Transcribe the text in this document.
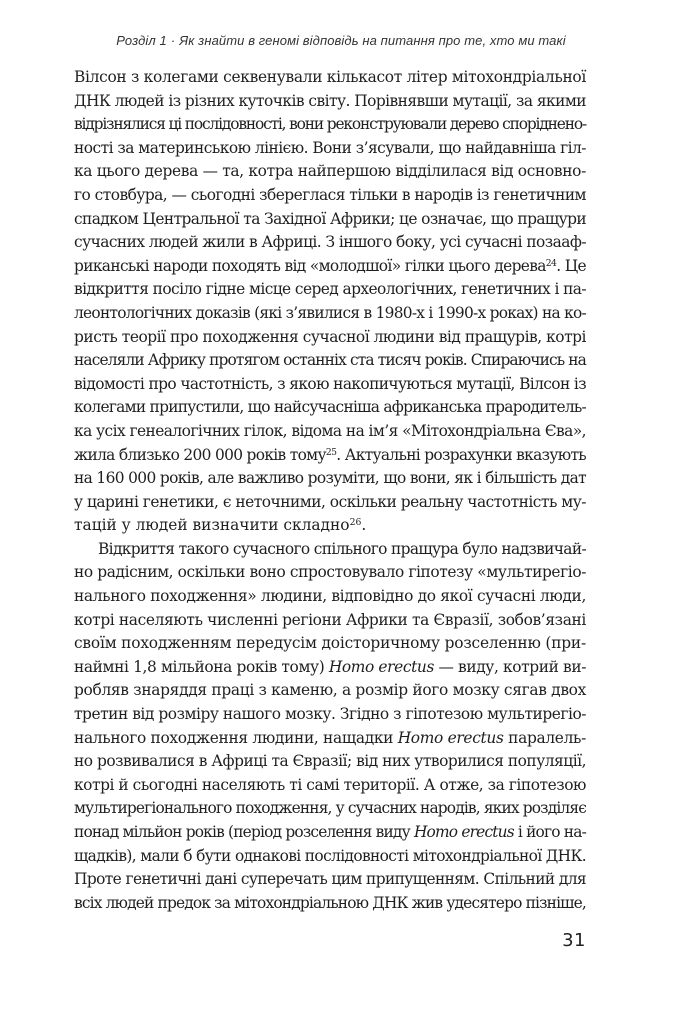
Розділ 1 · Як знайти в геномі відповідь на питання про те, хто ми такі
Вілсон з колегами секвенували кількасот літер мітохондріальної
ДНК людей із різних куточків світу. Порівнявши мутації, за якими
відрізнялися ці послідовності, вони реконструювали дерево споріднено-
ності за материнською лінією. Вони з’ясували, що найдавніша гіл-
ка цього дерева — та, котра найпершою відділилася від основно-
го стовбура, — сьогодні збереглася тільки в народів із генетичним
спадком Центральної та Західної Африки; це означає, що пращури
сучасних людей жили в Африці. З іншого боку, усі сучасні позааф-
риканські народи походять від «молодшої» гілки цього дерева$^{24}$. Це
відкриття посіло гідне місце серед археологічних, генетичних і па-
леонтологічних доказів (які з’явилися в 1980-х і 1990-х роках) на ко-
ристь теорії про походження сучасної людини від пращурів, котрі
населяли Африку протягом останніх ста тисяч років. Спираючись на
відомості про частотність, з якою накопичуються мутації, Вілсон із
колегами припустили, що найсучасніша африканська прародитель-
ка усіх генеалогічних гілок, відома на ім’я «Мітохондріальна Єва»,
жила близько 200 000 років тому$^{25}$. Актуальні розрахунки вказують
на 160 000 років, але важливо розуміти, що вони, як і більшість дат
у царині генетики, є неточними, оскільки реальну частотність му-
тацій у людей визначити складно$^{26}$.
Відкриття такого сучасного спільного пращура було надзвичай-
но радісним, оскільки воно спростовувало гіпотезу «мультирегіо-
нального походження» людини, відповідно до якої сучасні люди,
котрі населяють численні регіони Африки та Євразії, зобов’язані
своїм походженням передусім доісторичному розселенню (при-
наймні 1,8 мільйона років тому) Homo erectus — виду, котрий ви-
робляв знаряддя праці з каменю, а розмір його мозку сягав двох
третин від розміру нашого мозку. Згідно з гіпотезою мультирегіо-
нального походження людини, нащадки Homo erectus паралель-
но розвивалися в Африці та Євразії; від них утворилися популяції,
котрі й сьогодні населяють ті самі території. А отже, за гіпотезою
мультирегіонального походження, у сучасних народів, яких розділяє
понад мільйон років (період розселення виду Homo erectus і його на-
щадків), мали б бути однакові послідовності мітохондріальної ДНК.
Проте генетичні дані суперечать цим припущенням. Спільний для
всіх людей предок за мітохондріальною ДНК жив удесятеро пізніше,
31
